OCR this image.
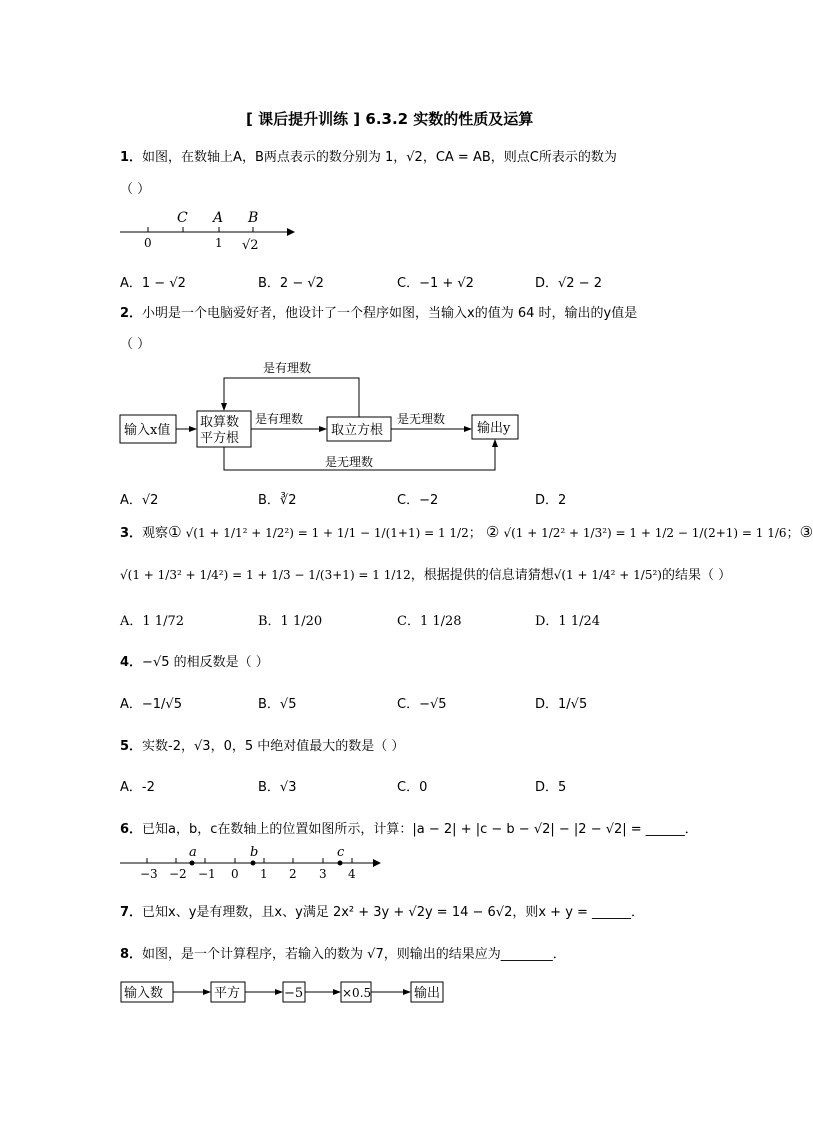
[ 课后提升训练 ] 6.3.2 实数的性质及运算
1．如图，在数轴上A，B两点表示的数分别为 1，√2，CA = AB，则点C所表示的数为
（ ）
C A B
0	1 √2
A．1 − √2	B．2 − √2	C．−1 + √2	D．√2 − 2
2．小明是一个电脑爱好者，他设计了一个程序如图，当输入x的值为 64 时，输出的y值是
（ ）
输入x值
取算数
平方根
取立方根	输出y
是有理数
是有理数	是无理数
是无理数
A．√2	B．∛2	C．−2	D．2
3．观察① √(1 + 1/1² + 1/2²) = 1 + 1/1 − 1/(1+1) = 1 1/2； ② √(1 + 1/2² + 1/3²) = 1 + 1/2 − 1/(2+1) = 1 1/6；③
√(1 + 1/3² + 1/4²) = 1 + 1/3 − 1/(3+1) = 1 1/12，根据提供的信息请猜想√(1 + 1/4² + 1/5²)的结果（ ）
A．1 1/72	B．1 1/20	C．1 1/28	D．1 1/24
4．−√5 的相反数是（ ）
A．−1/√5	B．√5	C．−√5	D．1/√5
5．实数-2，√3，0，5 中绝对值最大的数是（ ）
A．-2	B．√3	C．0	D．5
6．已知a，b，c在数轴上的位置如图所示，计算：|a − 2| + |c − b − √2| − |2 − √2| = ______．
a	b	c
−3 −2 −1 0 1 2 3 4
7．已知x、y是有理数，且x、y满足 2x² + 3y + √2y = 14 − 6√2，则x + y = ______．
8．如图，是一个计算程序，若输入的数为 √7，则输出的结果应为________．
输入数	平方	−5	×0.5	输出
